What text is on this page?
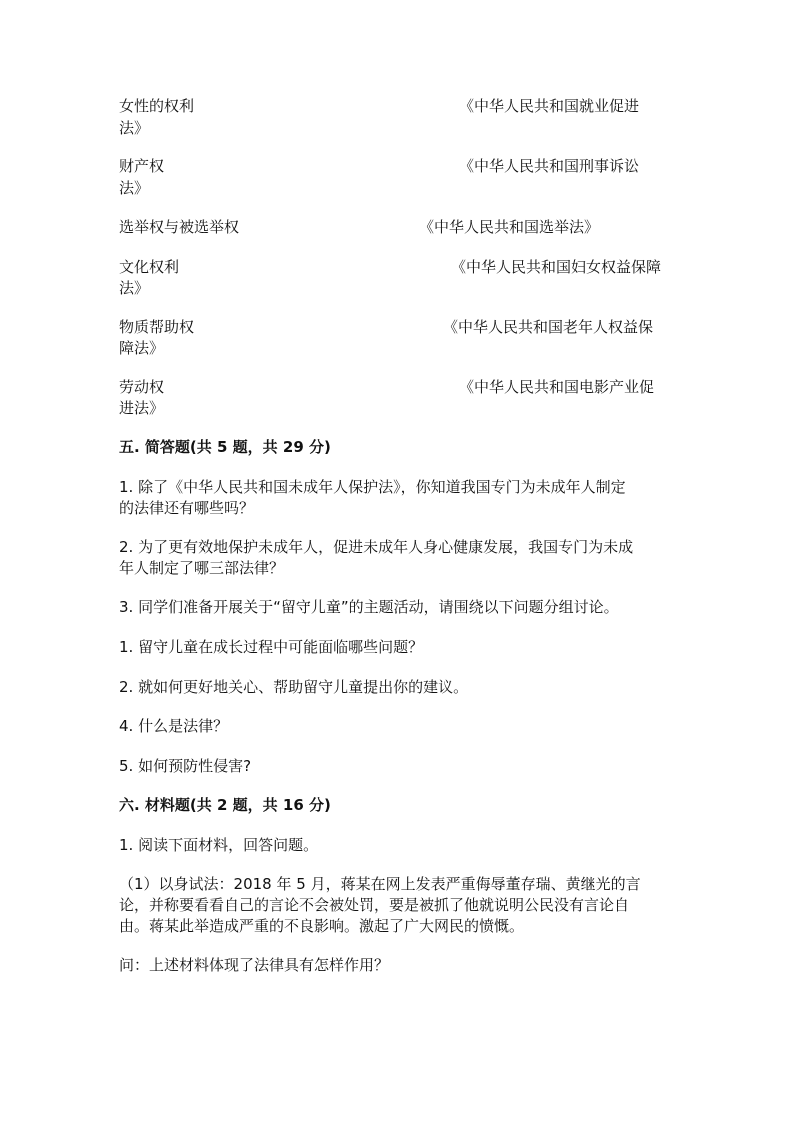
女性的权利	《中华人民共和国就业促进
法》
财产权	《中华人民共和国刑事诉讼
法》
选举权与被选举权	《中华人民共和国选举法》
文化权利	《中华人民共和国妇女权益保障
法》
物质帮助权	《中华人民共和国老年人权益保
障法》
劳动权	《中华人民共和国电影产业促
进法》
五. 简答题(共 5 题，共 29 分)
1. 除了《中华人民共和国未成年人保护法》，你知道我国专门为未成年人制定
的法律还有哪些吗？
2. 为了更有效地保护未成年人，促进未成年人身心健康发展，我国专门为未成
年人制定了哪三部法律？
3. 同学们准备开展关于“留守儿童”的主题活动，请围绕以下问题分组讨论。
1. 留守儿童在成长过程中可能面临哪些问题？
2. 就如何更好地关心、帮助留守儿童提出你的建议。
4. 什么是法律？
5. 如何预防性侵害?
六. 材料题(共 2 题，共 16 分)
1. 阅读下面材料，回答问题。
（1）以身试法：2018 年 5 月，蒋某在网上发表严重侮辱董存瑞、黄继光的言
论，并称要看看自己的言论不会被处罚，要是被抓了他就说明公民没有言论自
由。蒋某此举造成严重的不良影响。激起了广大网民的愤慨。
问：上述材料体现了法律具有怎样作用？
